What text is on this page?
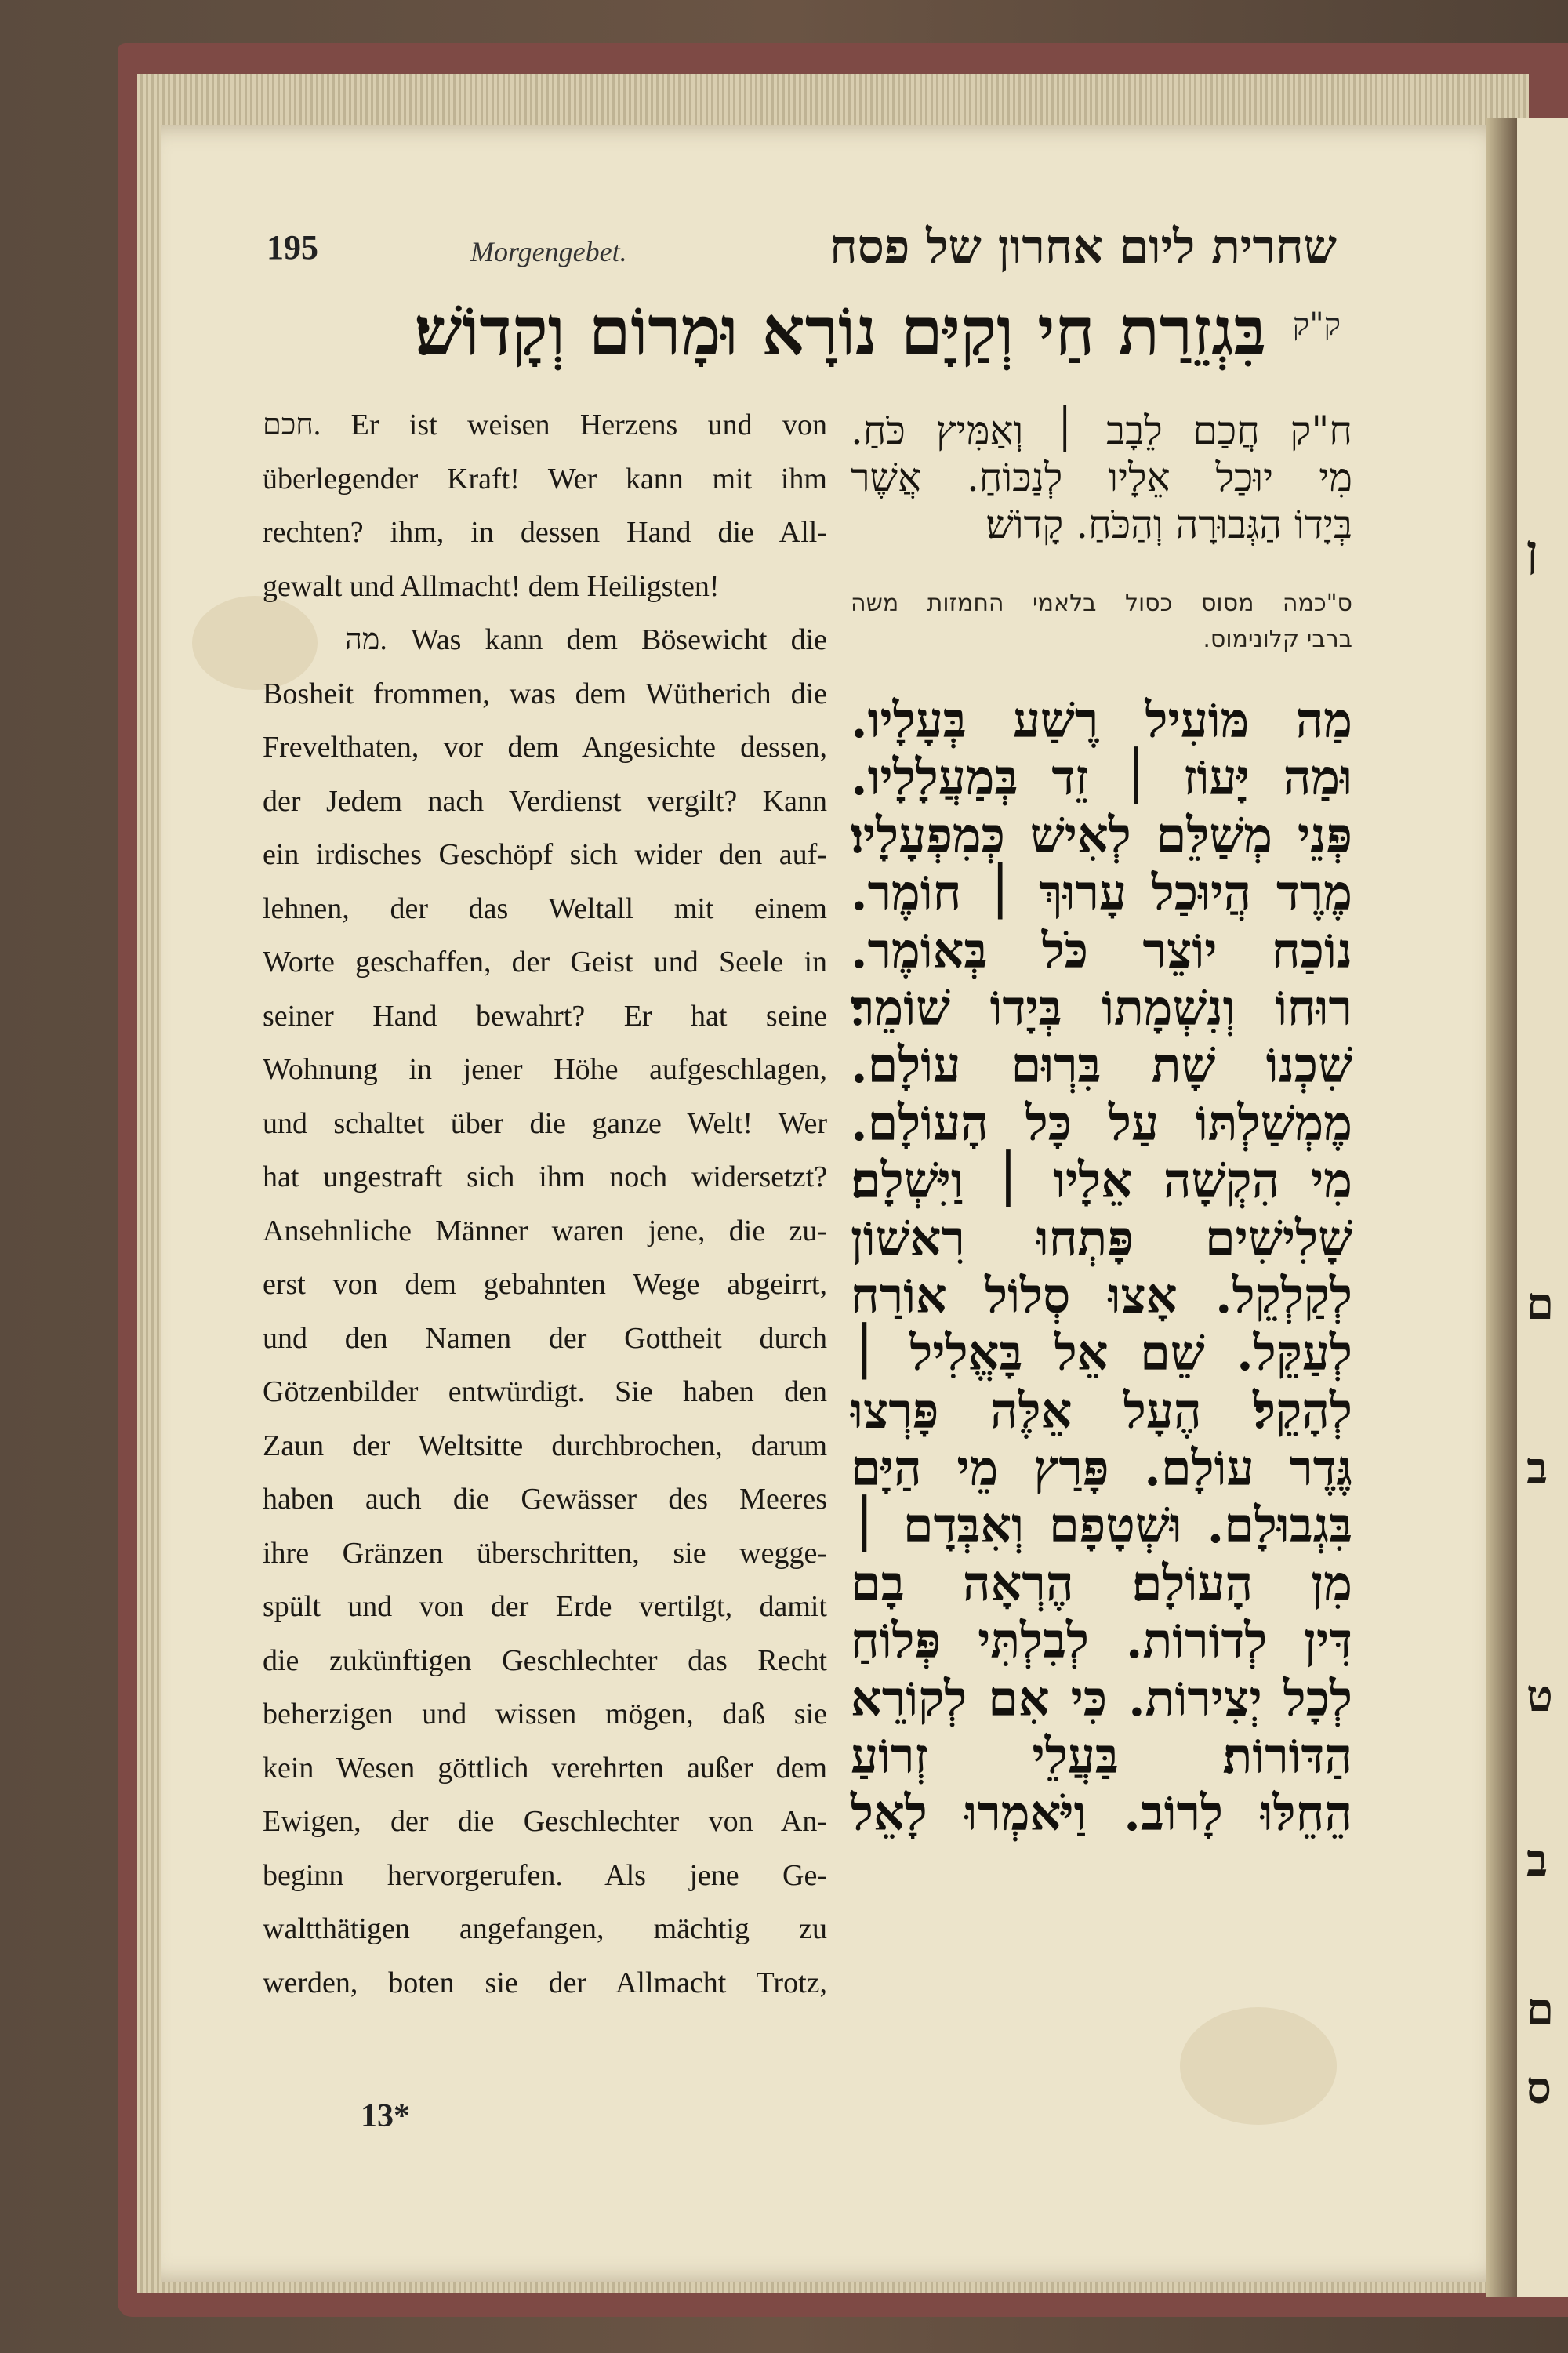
ן
ם
ב
ט
ב
ם
ס
195	Morgengebet.	שחרית ליום אחרון של פסח
ק"ק
בִּגְזֵרַת חַי וְקַיָּם נוֹרָא וּמָרוֹם וְקָדוֹשׁ׃
חכם. Er ist weisen Herzens und von
überlegender Kraft! Wer kann mit ihm
rechten? ihm, in dessen Hand die All-
gewalt und Allmacht! dem Heiligsten!
מה. Was kann dem Bösewicht die
Bosheit frommen, was dem Wütherich die
Frevelthaten, vor dem Angesichte dessen,
der Jedem nach Verdienst vergilt? Kann
ein irdisches Geschöpf sich wider den auf-
lehnen, der das Weltall mit einem
Worte geschaffen, der Geist und Seele in
seiner Hand bewahrt? Er hat seine
Wohnung in jener Höhe aufgeschlagen,
und schaltet über die ganze Welt! Wer
hat ungestraft sich ihm noch widersetzt?
Ansehnliche Männer waren jene, die zu-
erst von dem gebahnten Wege abgeirrt,
und den Namen der Gottheit durch
Götzenbilder entwürdigt. Sie haben den
Zaun der Weltsitte durchbrochen, darum
haben auch die Gewässer des Meeres
ihre Gränzen überschritten, sie wegge-
spült und von der Erde vertilgt, damit
die zukünftigen Geschlechter das Recht
beherzigen und wissen mögen, daß sie
kein Wesen göttlich verehrten außer dem
Ewigen, der die Geschlechter von An-
beginn hervorgerufen. Als jene Ge-
waltthätigen angefangen, mächtig zu
werden, boten sie der Allmacht Trotz,
13*
ח"ק חֲכַם לֵבָב ׀ וְאַמִּיץ כֹּחַ.
מִי יוּכַל אֵלָיו לְנַכּוֹחַ. אֲשֶׁר
בְּיָדוֹ הַגְּבוּרָה וְהַכֹּחַ. קָדוֹשׁ׃
ס"כמה מסוס כסול בלאמי החמזות משה
ברבי קלונימוס.
מַה מּוֹעִיל רֶשַׁע בְּעָלָיו.
וּמַה יָּעוֹז ׀ זֵד בְּמַעֲלָלָיו.
פְּנֵי מְשַׁלֵּם לְאִישׁ כְּמִפְעָלָיו׃
מֶרֶד הֲיוּכַל עָרוּךְ ׀ חוֹמֶר.
נוֹכַח יוֹצֵר כֹּל בְּאוֹמֶר.
רוּחוֹ וְנִשְׁמָתוֹ בְּיָדוֹ שׁוֹמֵר׃
שִׁכְנוֹ שָׁת בִּרְוּם עוֹלָם.
מֶמְשַׁלְתּוֹ עַל כָּל הָעוֹלָם.
מִי הִקְשָׁה אֵלָיו ׀ וַיִּשְׁלָם׃
שָׁלִישִׁים פָּתְחוּ רִאשׁוֹן
לְקַלְקֵל. אָצוּ סְלוֹל אוֹרַח
לְעַקֵּל. שֵׁם אֵל בָּאֱלִיל ׀
לְהָקֵל׃ הֶעָל אֵלֶּה פָּרְצוּ
גֶּדֶר עוֹלָם. פָּרַץ מֵי הַיָּם
בִּגְבוּלָם. וּשְׁטָפָם וְאִבְּדָם ׀
מִן הָעוֹלָם׃ הֶרְאָה בָם
דִּין לְדוֹרוֹת. לְבִלְתִּי פְּלוֹחַ
לְכָל יְצִירוֹת. כִּי אִם לְקוֹרֵא
הַדּוֹרוֹת׃ בַּעֲלֵי זְרוֹעַ
הֵחֵלּוּ לָרוֹב. וַיֹּאמְרוּ לָאֵל
